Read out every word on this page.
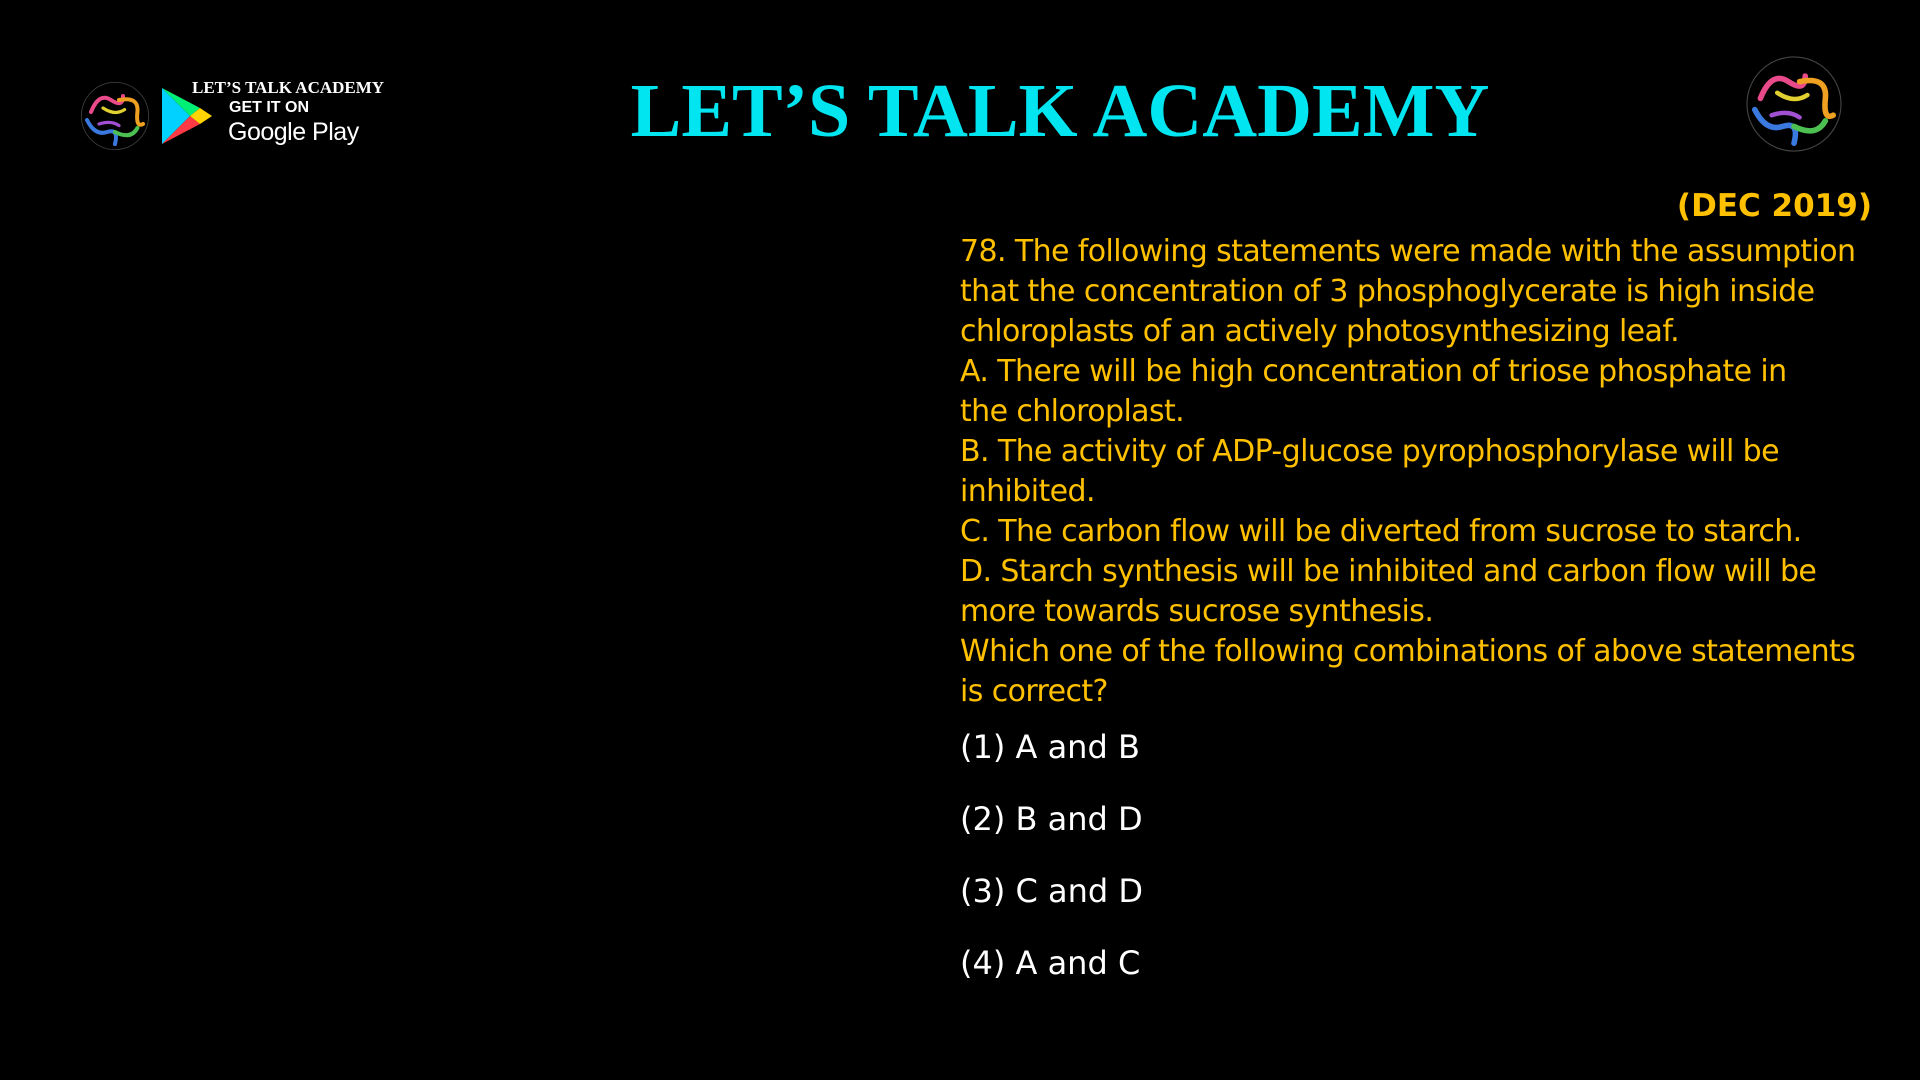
LET’S TALK ACADEMY
GET IT ON
Google Play	LET’S TALK ACADEMY
(DEC 2019)
78. The following statements were made with the assumption
that the concentration of 3 phosphoglycerate is high inside
chloroplasts of an actively photosynthesizing leaf.
A. There will be high concentration of triose phosphate in
the chloroplast.
B. The activity of ADP-glucose pyrophosphorylase will be
inhibited.
C. The carbon flow will be diverted from sucrose to starch.
D. Starch synthesis will be inhibited and carbon flow will be
more towards sucrose synthesis.
Which one of the following combinations of above statements
is correct?
(1) A and B
(2) B and D
(3) C and D
(4) A and C
